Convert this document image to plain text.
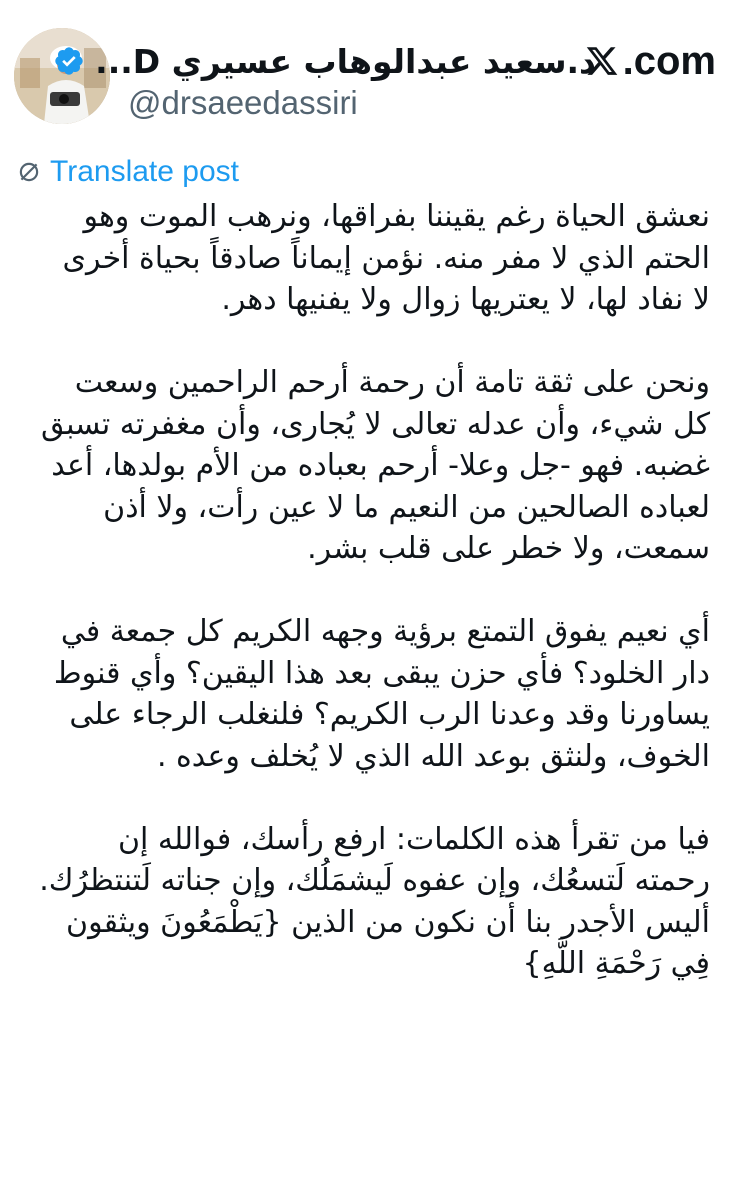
د.سعيد عبدالوهاب عسيري D... .com
@drsaeedassiri
Translate post

نعشق الحياة رغم يقيننا بفراقها، ونرهب الموت وهو الحتم الذي لا مفر منه. نؤمن إيماناً صادقاً بحياة أخرى لا نفاد لها، لا يعتريها زوال ولا يفنيها دهر.

ونحن على ثقة تامة أن رحمة أرحم الراحمين وسعت كل شيء، وأن عدله تعالى لا يُجارى، وأن مغفرته تسبق غضبه. فهو -جل وعلا- أرحم بعباده من الأم بولدها، أعد لعباده الصالحين من النعيم ما لا عين رأت، ولا أذن سمعت، ولا خطر على قلب بشر.

أي نعيم يفوق التمتع برؤية وجهه الكريم كل جمعة في دار الخلود؟ فأي حزن يبقى بعد هذا اليقين؟ وأي قنوط يساورنا وقد وعدنا الرب الكريم؟ فلنغلب الرجاء على الخوف، ولنثق بوعد الله الذي لا يُخلف وعده .

فيا من تقرأ هذه الكلمات: ارفع رأسك، فوالله إن رحمته لَتسعُك، وإن عفوه لَيشمَلُك، وإن جناته لَتنتظرُك. أليس الأجدر بنا أن نكون من الذين {يَطْمَعُونَ ويثقون فِي رَحْمَةِ اللَّهِ}
